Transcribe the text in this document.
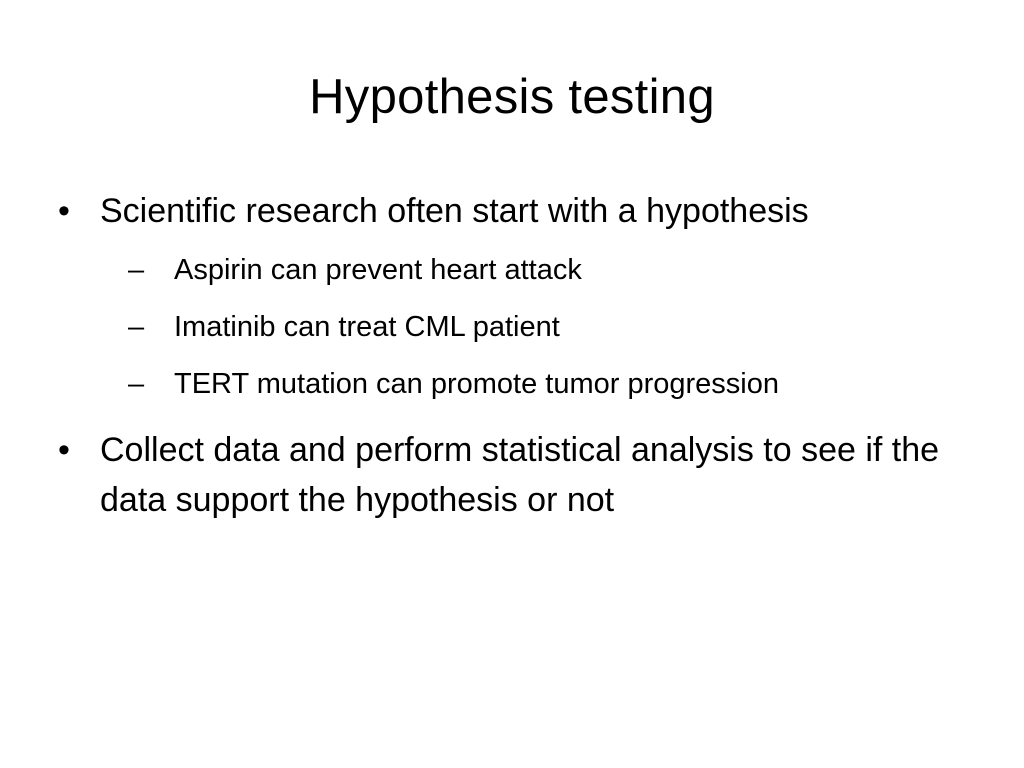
Hypothesis testing
• Scientific research often start with a hypothesis
– Aspirin can prevent heart attack
– Imatinib can treat CML patient
– TERT mutation can promote tumor progression
• Collect data and perform statistical analysis to see if the data support the hypothesis or not
